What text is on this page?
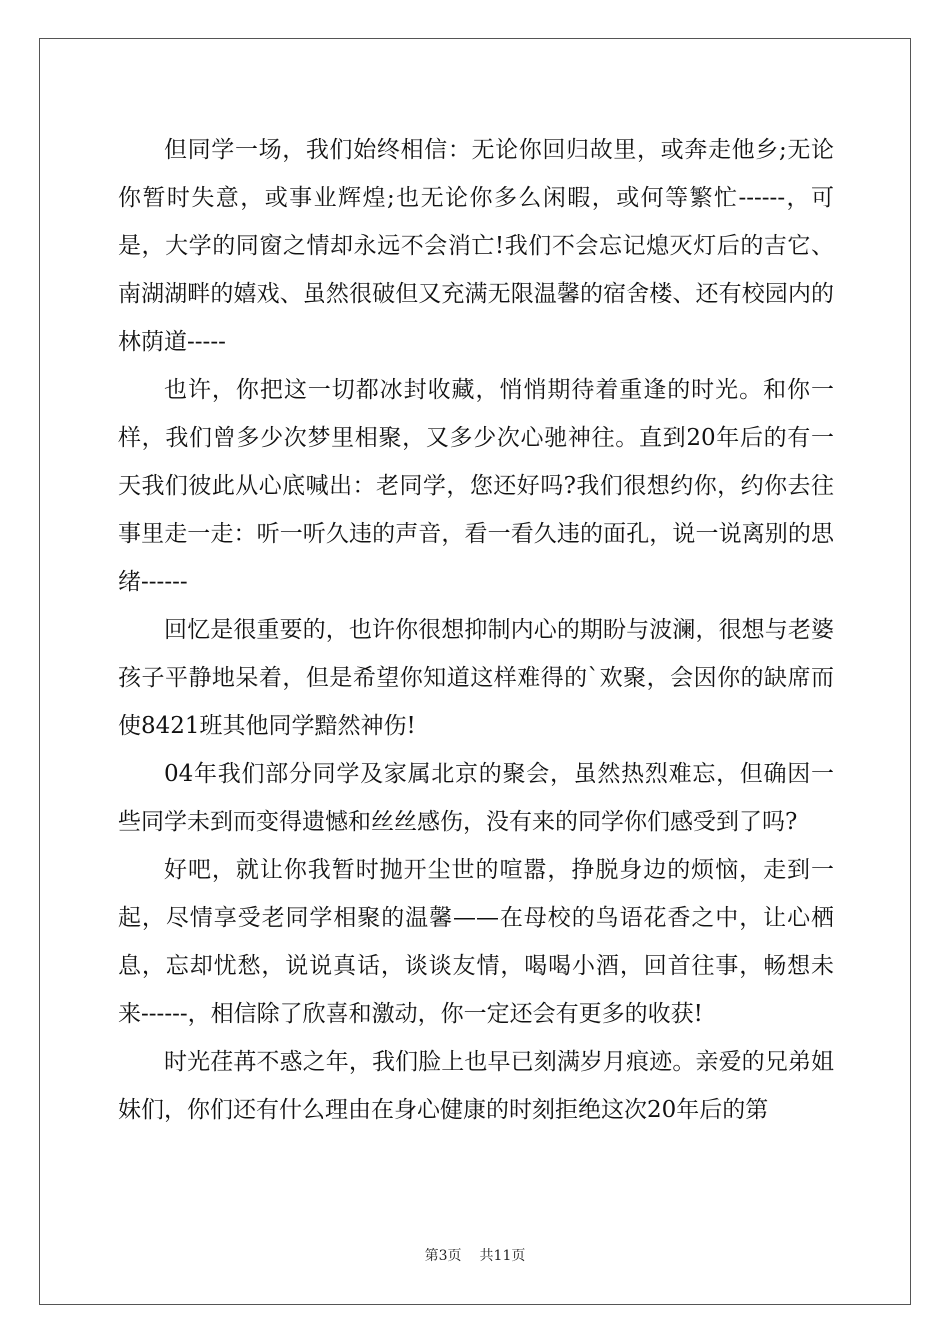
但同学一场，我们始终相信：无论你回归故里，或奔走他乡;无论你暂时失意，或事业辉煌;也无论你多么闲暇，或何等繁忙------，可是，大学的同窗之情却永远不会消亡!我们不会忘记熄灭灯后的吉它、南湖湖畔的嬉戏、虽然很破但又充满无限温馨的宿舍楼、还有校园内的林荫道-----

也许，你把这一切都冰封收藏，悄悄期待着重逢的时光。和你一样，我们曾多少次梦里相聚，又多少次心驰神往。直到20年后的有一天我们彼此从心底喊出：老同学，您还好吗?我们很想约你，约你去往事里走一走：听一听久违的声音，看一看久违的面孔，说一说离别的思绪------

回忆是很重要的，也许你很想抑制内心的期盼与波澜，很想与老婆孩子平静地呆着，但是希望你知道这样难得的`欢聚，会因你的缺席而使8421班其他同学黯然神伤!

04年我们部分同学及家属北京的聚会，虽然热烈难忘，但确因一些同学未到而变得遗憾和丝丝感伤，没有来的同学你们感受到了吗?

好吧，就让你我暂时抛开尘世的喧嚣，挣脱身边的烦恼，走到一起，尽情享受老同学相聚的温馨——在母校的鸟语花香之中，让心栖息，忘却忧愁，说说真话，谈谈友情，喝喝小酒，回首往事，畅想未来------，相信除了欣喜和激动，你一定还会有更多的收获!

时光荏苒不惑之年，我们脸上也早已刻满岁月痕迹。亲爱的兄弟姐妹们，你们还有什么理由在身心健康的时刻拒绝这次20年后的第

第3页 共11页
